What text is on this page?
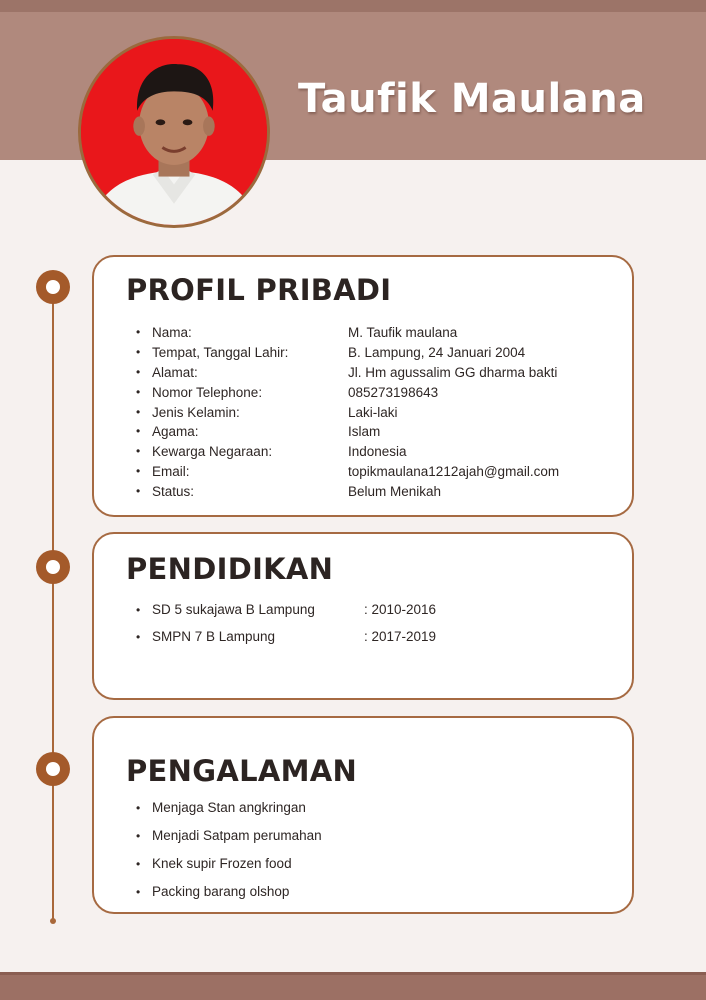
Taufik Maulana
PROFIL PRIBADI
• Nama:	M. Taufik maulana
• Tempat, Tanggal Lahir:	B. Lampung, 24 Januari 2004
• Alamat:	Jl. Hm agussalim GG dharma bakti
• Nomor Telephone:	085273198643
• Jenis Kelamin:	Laki-laki
• Agama:	Islam
• Kewarga Negaraan:	Indonesia
• Email:	topikmaulana1212ajah@gmail.com
• Status:	Belum Menikah
PENDIDIKAN
• SD 5 sukajawa B Lampung	: 2010-2016
• SMPN 7 B Lampung	: 2017-2019
PENGALAMAN
• Menjaga Stan angkringan
• Menjadi Satpam perumahan
• Knek supir Frozen food
• Packing barang olshop
